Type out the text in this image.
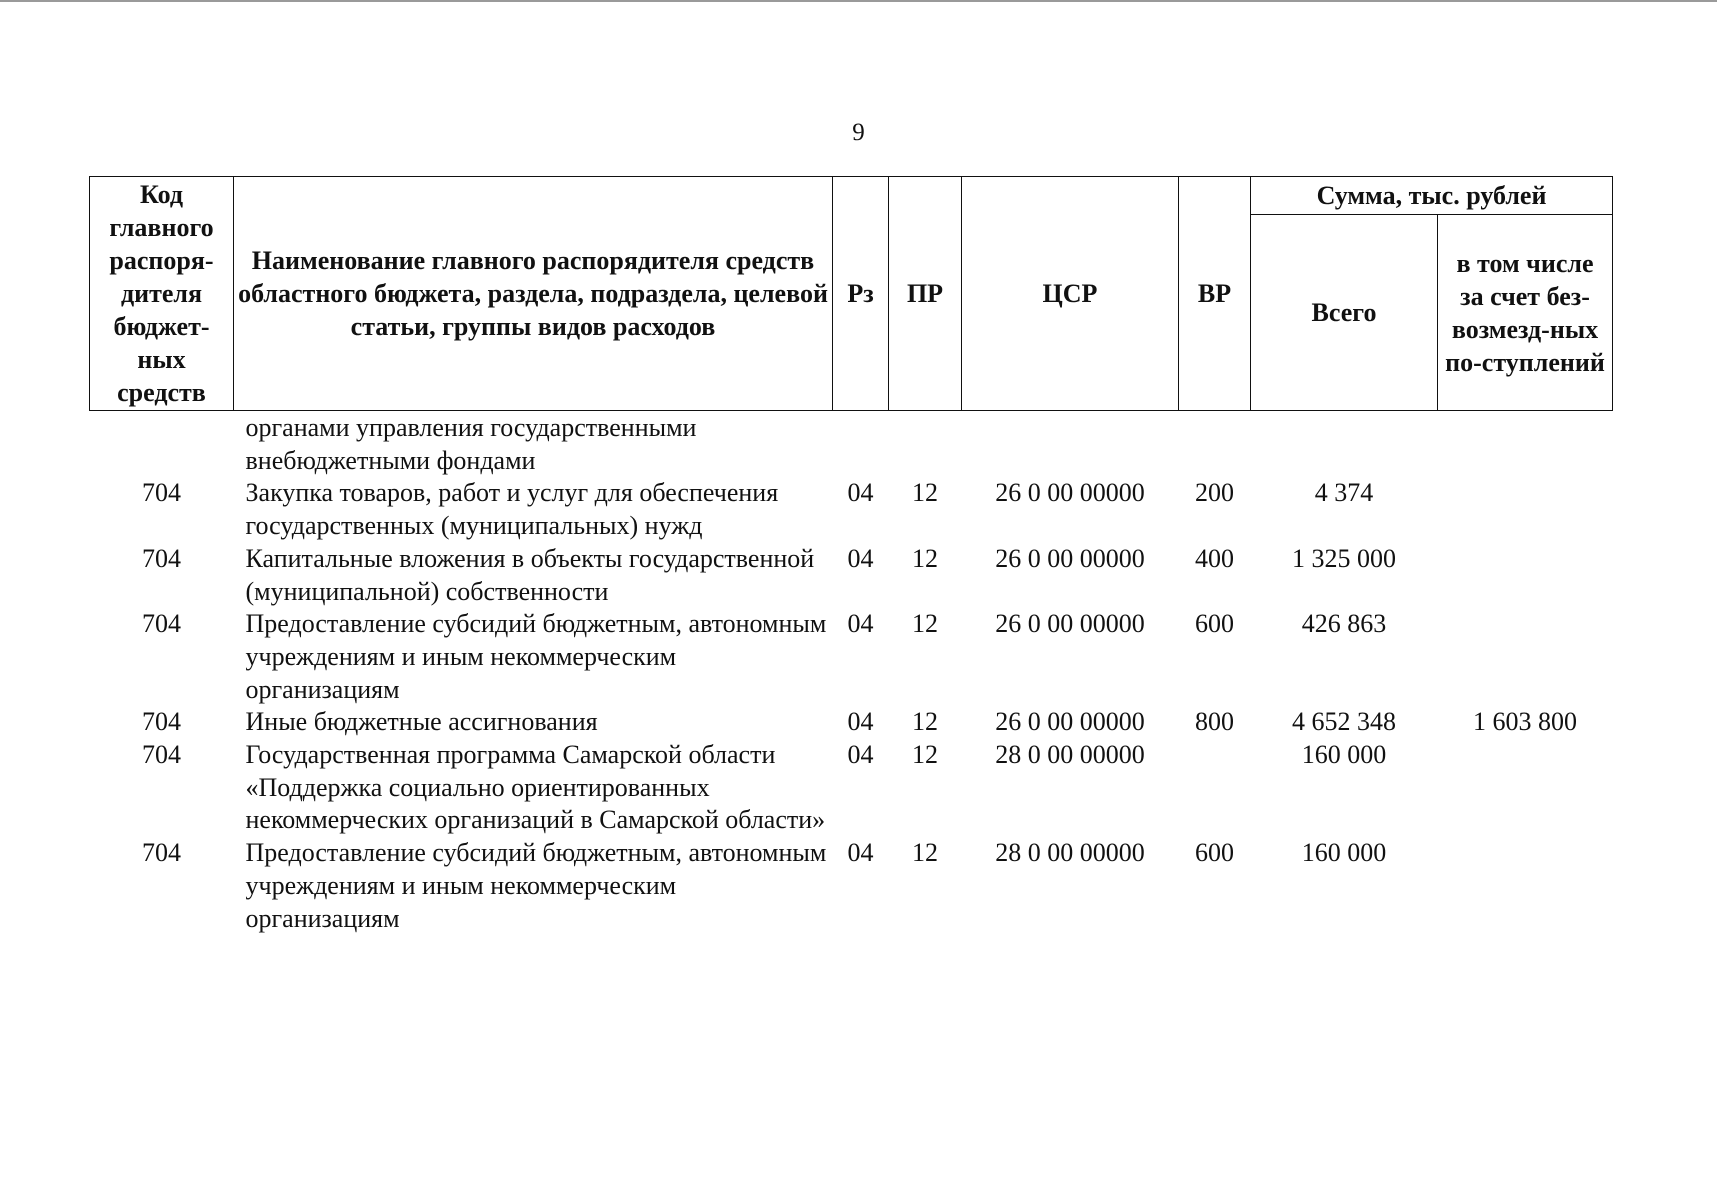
9
Код главного распоря-дителя бюджет-ных средств	Наименование главного распорядителя средств областного бюджета, раздела, подраздела, целевой статьи, группы видов расходов	Рз	ПР	ЦСР	ВР	Сумма, тыс. рублей	
						Всего	в том числе за счет без-возмезд-ных по-ступлений
	органами управления государственными внебюджетными фондами						
704	Закупка товаров, работ и услуг для обеспечения государственных (муниципальных) нужд	04	12	26 0 00 00000	200	4 374	
704	Капитальные вложения в объекты государственной (муниципальной) собственности	04	12	26 0 00 00000	400	1 325 000	
704	Предоставление субсидий бюджетным, автономным учреждениям и иным некоммерческим организациям	04	12	26 0 00 00000	600	426 863	
704	Иные бюджетные ассигнования	04	12	26 0 00 00000	800	4 652 348	1 603 800
704	Государственная программа Самарской области «Поддержка социально ориентированных некоммерческих организаций в Самарской области»	04	12	28 0 00 00000		160 000	
704	Предоставление субсидий бюджетным, автономным учреждениям и иным некоммерческим организациям	04	12	28 0 00 00000	600	160 000	
